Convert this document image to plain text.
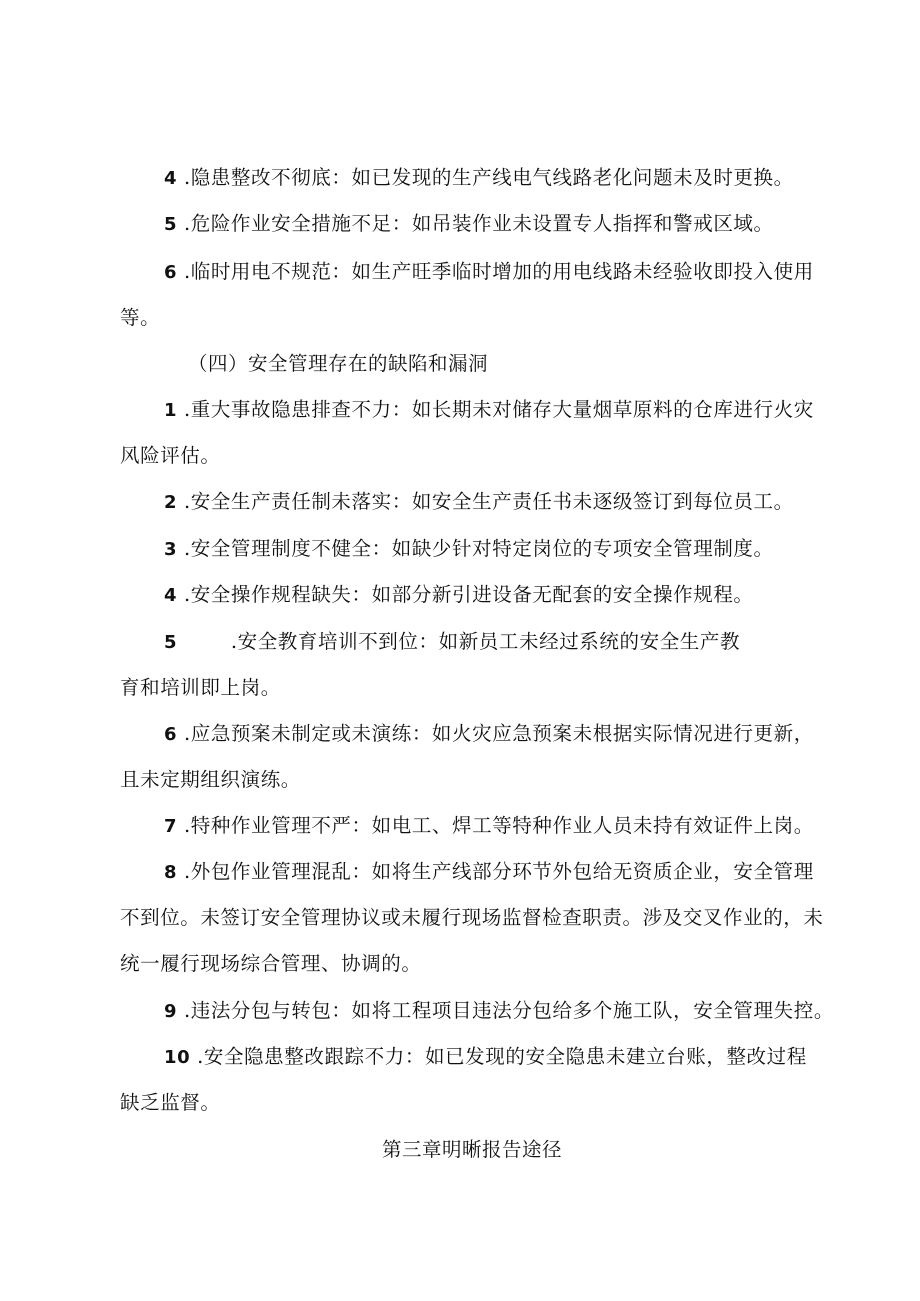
4 .隐患整改不彻底：如已发现的生产线电气线路老化问题未及时更换。
5 .危险作业安全措施不足：如吊装作业未设置专人指挥和警戒区域。
6 .临时用电不规范：如生产旺季临时增加的用电线路未经验收即投入使用
等。
（四）安全管理存在的缺陷和漏洞
1 .重大事故隐患排查不力：如长期未对储存大量烟草原料的仓库进行火灾
风险评估。
2 .安全生产责任制未落实：如安全生产责任书未逐级签订到每位员工。
3 .安全管理制度不健全：如缺少针对特定岗位的专项安全管理制度。
4 .安全操作规程缺失：如部分新引进设备无配套的安全操作规程。
5	.安全教育培训不到位：如新员工未经过系统的安全生产教
育和培训即上岗。
6 .应急预案未制定或未演练：如火灾应急预案未根据实际情况进行更新，
且未定期组织演练。
7 .特种作业管理不严：如电工、焊工等特种作业人员未持有效证件上岗。
8 .外包作业管理混乱：如将生产线部分环节外包给无资质企业，安全管理
不到位。未签订安全管理协议或未履行现场监督检查职责。涉及交叉作业的，未
统一履行现场综合管理、协调的。
9 .违法分包与转包：如将工程项目违法分包给多个施工队，安全管理失控。
10 .安全隐患整改跟踪不力：如已发现的安全隐患未建立台账，整改过程
缺乏监督。
第三章明晰报告途径
